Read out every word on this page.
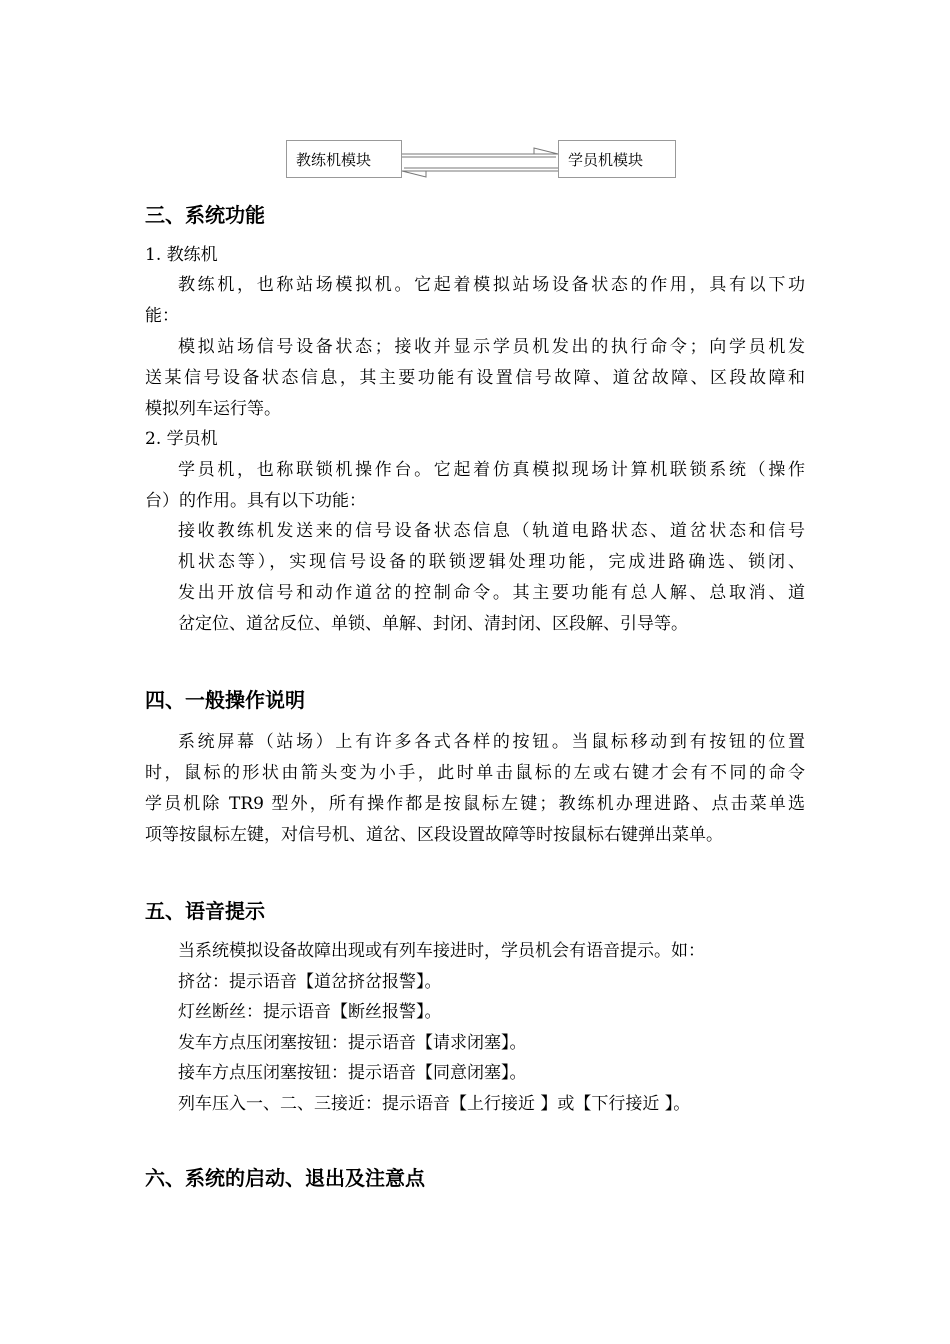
教练机模块	学员机模块
三、系统功能

1. 教练机

教练机，也称站场模拟机。它起着模拟站场设备状态的作用，具有以下功

能：

模拟站场信号设备状态；接收并显示学员机发出的执行命令；向学员机发

送某信号设备状态信息，其主要功能有设置信号故障、道岔故障、区段故障和

模拟列车运行等。

2. 学员机

学员机，也称联锁机操作台。它起着仿真模拟现场计算机联锁系统（操作

台）的作用。具有以下功能：

接收教练机发送来的信号设备状态信息（轨道电路状态、道岔状态和信号

机状态等），实现信号设备的联锁逻辑处理功能，完成进路确选、锁闭、

发出开放信号和动作道岔的控制命令。其主要功能有总人解、总取消、道

岔定位、道岔反位、单锁、单解、封闭、清封闭、区段解、引导等。

四、一般操作说明

系统屏幕（站场）上有许多各式各样的按钮。当鼠标移动到有按钮的位置

时，鼠标的形状由箭头变为小手，此时单击鼠标的左或右键才会有不同的命令

学员机除 TR9 型外，所有操作都是按鼠标左键；教练机办理进路、点击菜单选

项等按鼠标左键，对信号机、道岔、区段设置故障等时按鼠标右键弹出菜单。

五、语音提示

当系统模拟设备故障出现或有列车接进时，学员机会有语音提示。如：

挤岔：提示语音【道岔挤岔报警】。

灯丝断丝：提示语音【断丝报警】。

发车方点压闭塞按钮：提示语音【请求闭塞】。

接车方点压闭塞按钮：提示语音【同意闭塞】。

列车压入一、二、三接近：提示语音【上行接近 】或【下行接近 】。

六、系统的启动、退出及注意点
